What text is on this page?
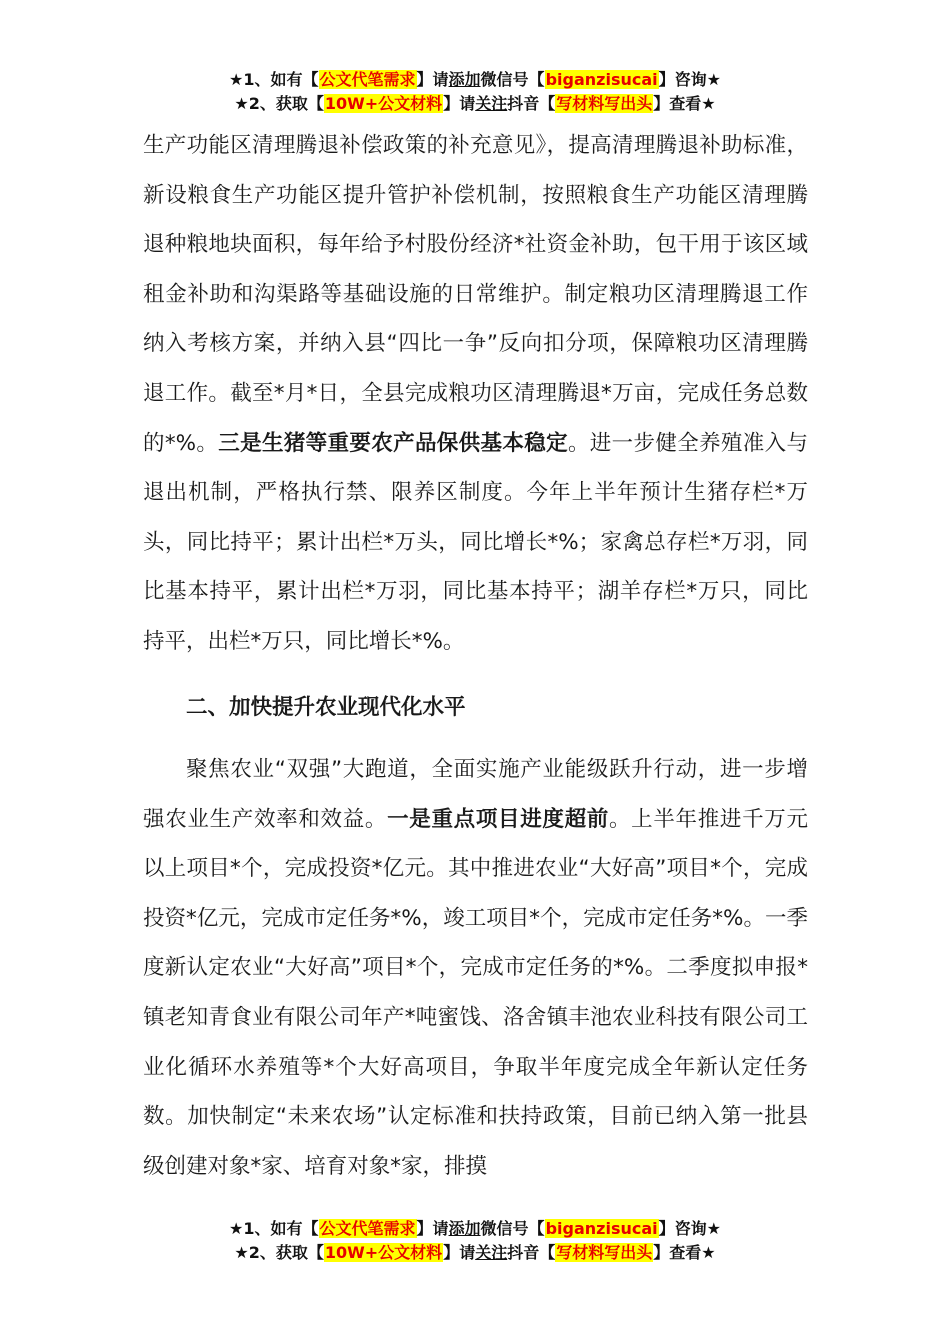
★1、如有【公文代笔需求】请添加微信号【biganzisucai】咨询★
★2、获取【10W+公文材料】请关注抖音【写材料写出头】查看★

生产功能区清理腾退补偿政策的补充意见》，提高清理腾退补助标准，新设粮食生产功能区提升管护补偿机制，按照粮食生产功能区清理腾退种粮地块面积，每年给予村股份经济*社资金补助，包干用于该区域租金补助和沟渠路等基础设施的日常维护。制定粮功区清理腾退工作纳入考核方案，并纳入县“四比一争”反向扣分项，保障粮功区清理腾退工作。截至*月*日，全县完成粮功区清理腾退*万亩，完成任务总数的*%。三是生猪等重要农产品保供基本稳定。进一步健全养殖准入与退出机制，严格执行禁、限养区制度。今年上半年预计生猪存栏*万头，同比持平；累计出栏*万头，同比增长*%；家禽总存栏*万羽，同比基本持平，累计出栏*万羽，同比基本持平；湖羊存栏*万只，同比持平，出栏*万只，同比增长*%。

二、加快提升农业现代化水平

聚焦农业“双强”大跑道，全面实施产业能级跃升行动，进一步增强农业生产效率和效益。一是重点项目进度超前。上半年推进千万元以上项目*个，完成投资*亿元。其中推进农业“大好高”项目*个，完成投资*亿元，完成市定任务*%，竣工项目*个，完成市定任务*%。一季度新认定农业“大好高”项目*个，完成市定任务的*%。二季度拟申报*镇老知青食业有限公司年产*吨蜜饯、洛舍镇丰池农业科技有限公司工业化循环水养殖等*个大好高项目，争取半年度完成全年新认定任务数。加快制定“未来农场”认定标准和扶持政策，目前已纳入第一批县级创建对象*家、培育对象*家，排摸

★1、如有【公文代笔需求】请添加微信号【biganzisucai】咨询★
★2、获取【10W+公文材料】请关注抖音【写材料写出头】查看★
